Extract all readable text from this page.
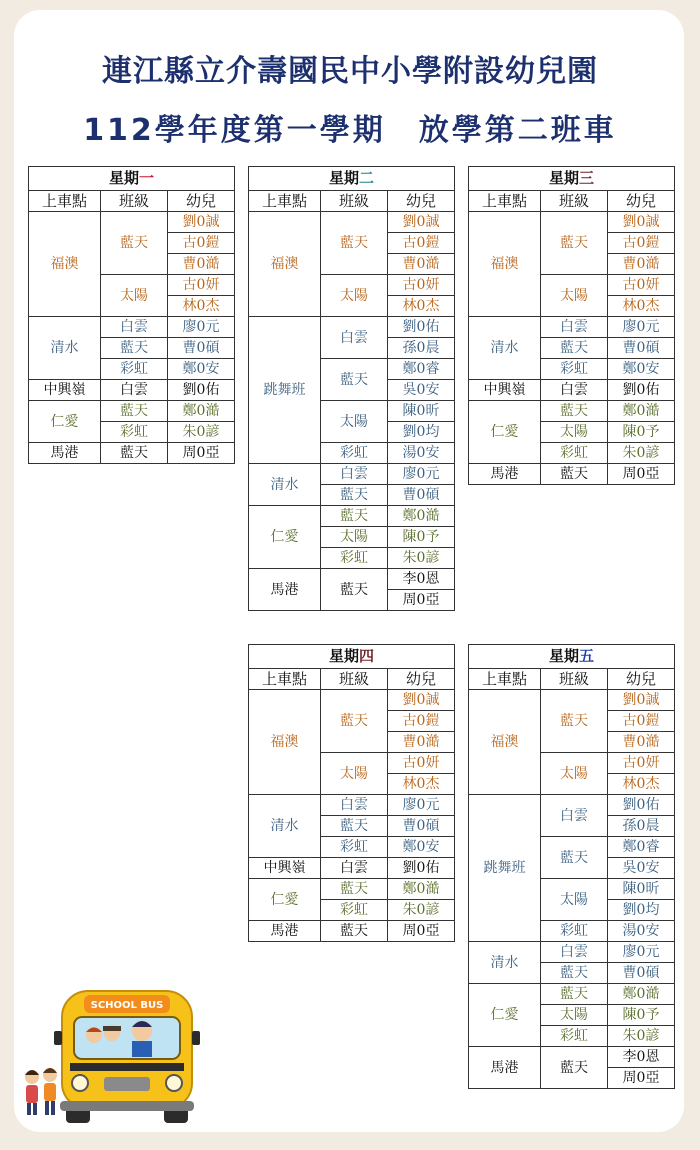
連江縣立介壽國民中小學附設幼兒園
112學年度第一學期　放學第二班車
星期一		
上車點	班級	幼兒
福澳	藍天	劉0誠
		古0鎧
		曹0澔
	太陽	古0妍
		林0杰
清水	白雲	廖0元
	藍天	曹0碩
	彩虹	鄭0安
中興嶺	白雲	劉0佑
仁愛	藍天	鄭0澔
	彩虹	朱0諺
馬港	藍天	周0亞
星期二		
上車點	班級	幼兒
福澳	藍天	劉0誠
		古0鎧
		曹0澔
	太陽	古0妍
		林0杰
跳舞班	白雲	劉0佑
		孫0晨
	藍天	鄭0睿
		吳0安
	太陽	陳0昕
		劉0均
	彩虹	湯0安
清水	白雲	廖0元
	藍天	曹0碩
仁愛	藍天	鄭0澔
	太陽	陳0予
	彩虹	朱0諺
馬港	藍天	李0恩
		周0亞
星期三		
上車點	班級	幼兒
福澳	藍天	劉0誠
		古0鎧
		曹0澔
	太陽	古0妍
		林0杰
清水	白雲	廖0元
	藍天	曹0碩
	彩虹	鄭0安
中興嶺	白雲	劉0佑
仁愛	藍天	鄭0澔
	太陽	陳0予
	彩虹	朱0諺
馬港	藍天	周0亞
星期四		
上車點	班級	幼兒
福澳	藍天	劉0誠
		古0鎧
		曹0澔
	太陽	古0妍
		林0杰
清水	白雲	廖0元
	藍天	曹0碩
	彩虹	鄭0安
中興嶺	白雲	劉0佑
仁愛	藍天	鄭0澔
	彩虹	朱0諺
馬港	藍天	周0亞
星期五		
上車點	班級	幼兒
福澳	藍天	劉0誠
		古0鎧
		曹0澔
	太陽	古0妍
		林0杰
跳舞班	白雲	劉0佑
		孫0晨
	藍天	鄭0睿
		吳0安
	太陽	陳0昕
		劉0均
	彩虹	湯0安
清水	白雲	廖0元
	藍天	曹0碩
仁愛	藍天	鄭0澔
	太陽	陳0予
	彩虹	朱0諺
馬港	藍天	李0恩
		周0亞
SCHOOL BUS
